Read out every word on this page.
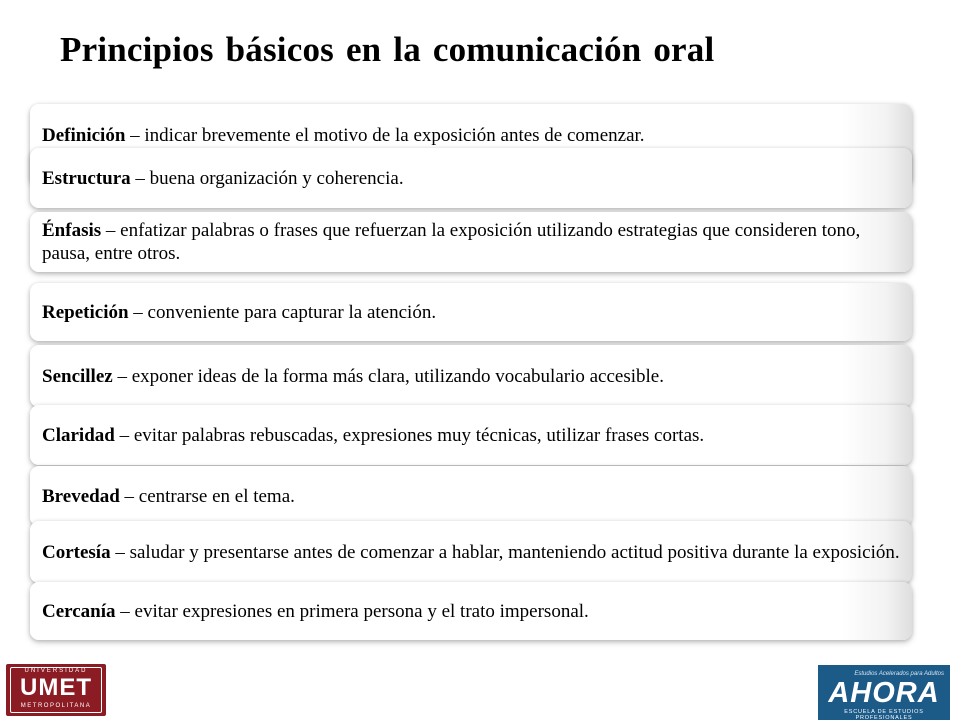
Principios básicos en la comunicación oral
Definición – indicar brevemente el motivo de la exposición antes de comenzar.
Estructura – buena organización y coherencia.
Énfasis – enfatizar palabras o frases que refuerzan la exposición utilizando estrategias que consideren tono, pausa, entre otros.
Repetición – conveniente para capturar la atención.
Sencillez – exponer ideas de la forma más clara, utilizando vocabulario accesible.
Claridad – evitar palabras rebuscadas, expresiones muy técnicas, utilizar frases cortas.
Brevedad – centrarse en el tema.
Cortesía – saludar y presentarse antes de comenzar a hablar, manteniendo actitud positiva durante la exposición.
Cercanía – evitar expresiones en primera persona y el trato impersonal.
UNIVERSIDAD
UMET
METROPOLITANA
Estudios Acelerados para Adultos
AHORA
ESCUELA DE ESTUDIOS PROFESIONALES
